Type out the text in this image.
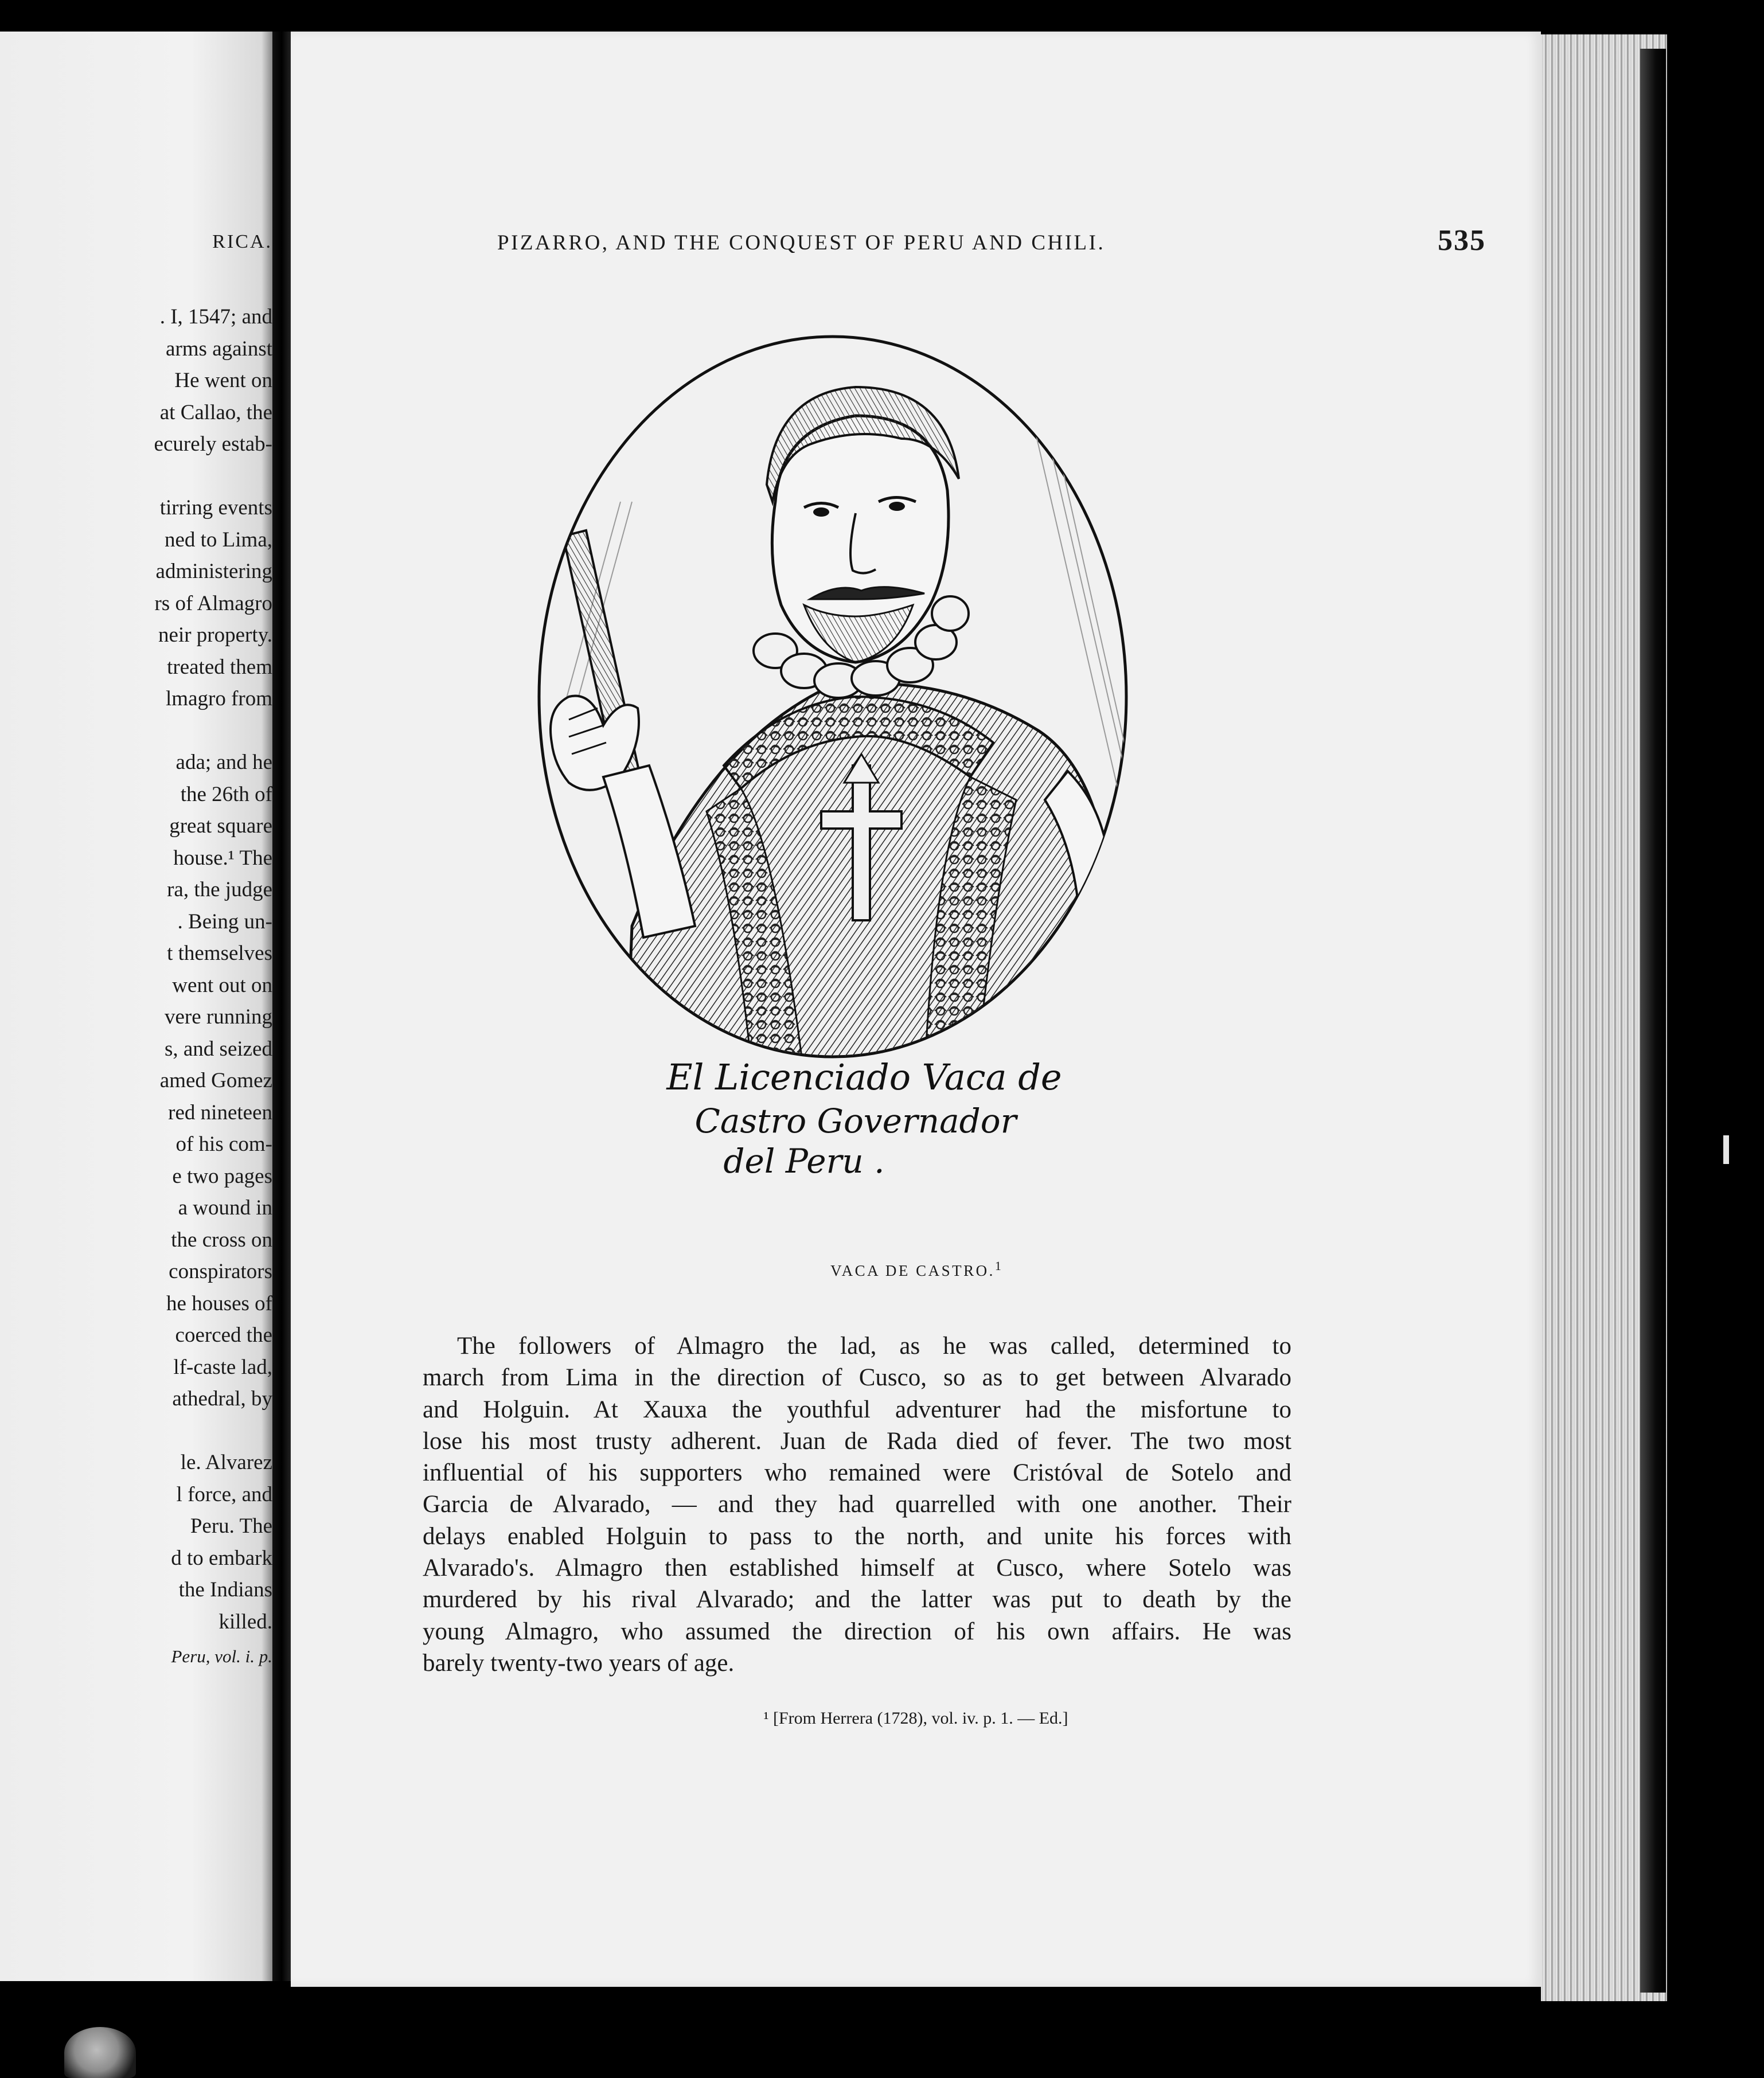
RICA.
. I, 1547; and
arms against
He went on
at Callao, the
ecurely estab-
tirring events
ned to Lima,
administering
rs of Almagro
neir property.
treated them
lmagro from
ada; and he
the 26th of
great square
house.¹ The
ra, the judge
. Being un-
t themselves
went out on
vere running
s, and seized
amed Gomez
red nineteen
of his com-
e two pages
a wound in
the cross on
conspirators
he houses of
coerced the
lf-caste lad,
athedral, by
le. Alvarez
l force, and
Peru. The
d to embark
the Indians
killed.
Peru, vol. i. p.
PIZARRO, AND THE CONQUEST OF PERU AND CHILI.	535
El Licenciado Vaca de
Castro Governador
del Peru .
VACA DE CASTRO.$^1$
The followers of Almagro the lad, as he was called, determined to
march from Lima in the direction of Cusco, so as to get between Alvarado
and Holguin. At Xauxa the youthful adventurer had the misfortune to
lose his most trusty adherent. Juan de Rada died of fever. The two most
influential of his supporters who remained were Cristóval de Sotelo and
Garcia de Alvarado, — and they had quarrelled with one another. Their
delays enabled Holguin to pass to the north, and unite his forces with
Alvarado's. Almagro then established himself at Cusco, where Sotelo was
murdered by his rival Alvarado; and the latter was put to death by the
young Almagro, who assumed the direction of his own affairs. He was
barely twenty-two years of age.
¹ [From Herrera (1728), vol. iv. p. 1. — Ed.]
